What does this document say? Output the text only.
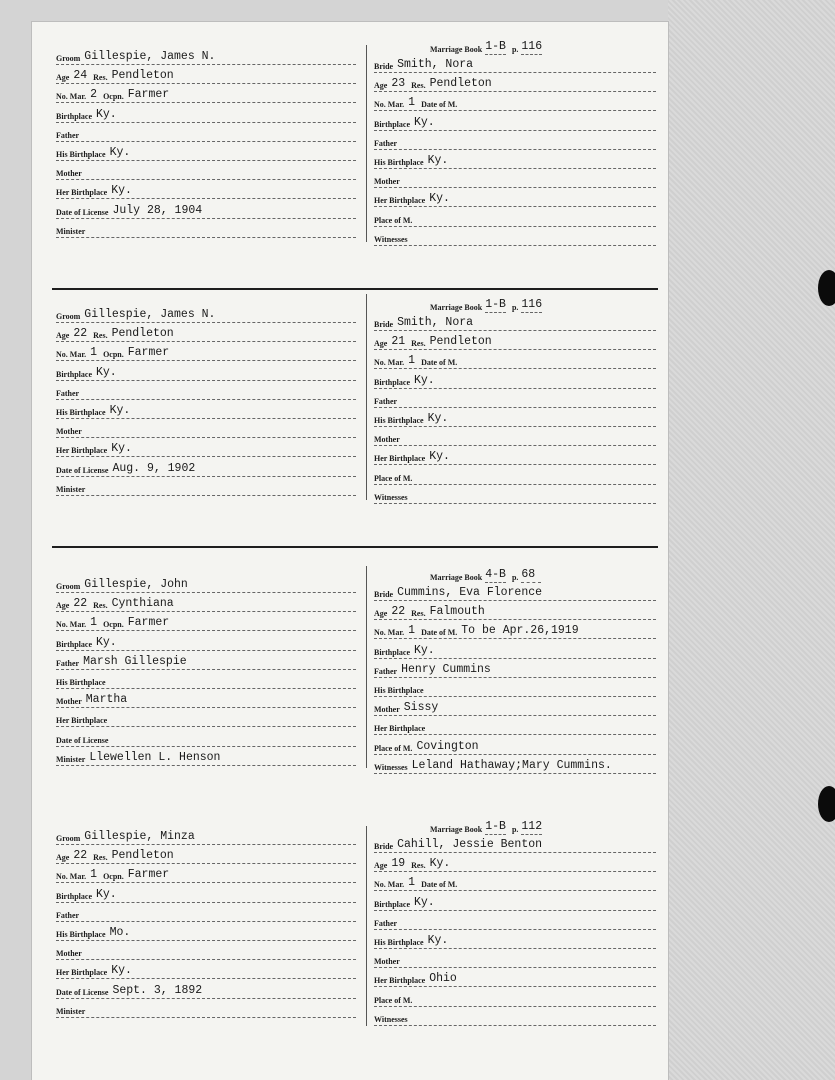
Groom Gillespie, James N.
Age 24 Res. Pendleton
No. Mar. 2 Ocpn. Farmer
Birthplace Ky.
Father
His Birthplace Ky.
Mother
Her Birthplace Ky.
Date of License July 28, 1904
Minister
Bride Smith, Nora
Age 23 Res. Pendleton
No. Mar. 1 Date of M.
Birthplace Ky.
Father
His Birthplace Ky.
Mother
Her Birthplace Ky.
Place of M.
Witnesses
Marriage Book 1-B p. 116
Groom Gillespie, James N.
Age 22 Res. Pendleton
No. Mar. 1 Ocpn. Farmer
Birthplace Ky.
Father
His Birthplace Ky.
Mother
Her Birthplace Ky.
Date of License Aug. 9, 1902
Minister
Bride Smith, Nora
Age 21 Res. Pendleton
No. Mar. 1 Date of M.
Birthplace Ky.
Father
His Birthplace Ky.
Mother
Her Birthplace Ky.
Place of M.
Witnesses
Marriage Book 1-B p. 116
Groom Gillespie, John
Age 22 Res. Cynthiana
No. Mar. 1 Ocpn. Farmer
Birthplace Ky.
Father Marsh Gillespie
His Birthplace
Mother Martha
Her Birthplace
Date of License
Minister Llewellen L. Henson
Bride Cummins, Eva Florence
Age 22 Res. Falmouth
No. Mar. 1 Date of M. To be Apr.26,1919
Birthplace Ky.
Father Henry Cummins
His Birthplace
Mother Sissy
Her Birthplace
Place of M. Covington
Witnesses Leland Hathaway;Mary Cummins.
Marriage Book 4-B p. 68
Groom Gillespie, Minza
Age 22 Res. Pendleton
No. Mar. 1 Ocpn. Farmer
Birthplace Ky.
Father
His Birthplace Mo.
Mother
Her Birthplace Ky.
Date of License Sept. 3, 1892
Minister
Bride Cahill, Jessie Benton
Age 19 Res. Ky.
No. Mar. 1 Date of M.
Birthplace Ky.
Father
His Birthplace Ky.
Mother
Her Birthplace Ohio
Place of M.
Witnesses
Marriage Book 1-B p. 112
